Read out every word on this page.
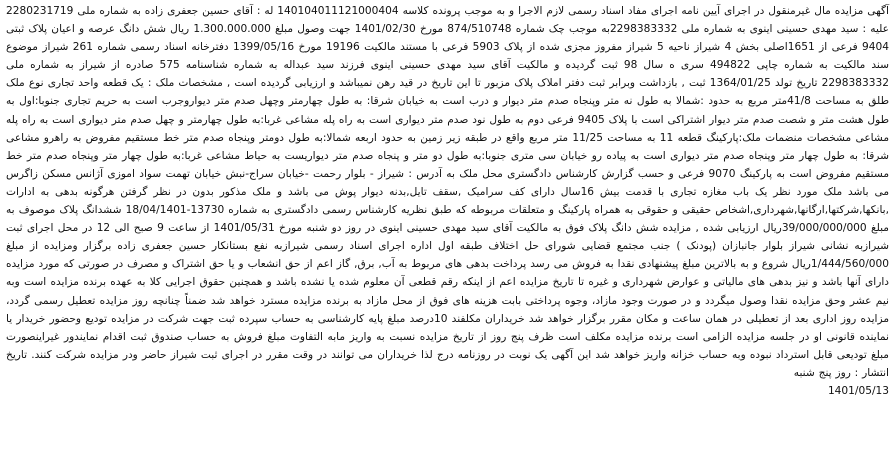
آگهی مزایده مال غیرمنقول در اجرای آیین نامه اجرای مفاد اسناد رسمی لازم الاجرا و به موجب پرونده کلاسه 140104011121000404 له : آقای حسین جعفری زاده به شماره ملی 2280231719 علیه : سید مهدی حسینی اینوی به شماره ملی 2298383332به موجب چک شماره 874/510748 مورخ 1401/02/30 جهت وصول مبلغ 1.300.000.000 ریال شش دانگ عرصه و اعیان پلاک ثبتی 9404 فرعی از 1651اصلی بخش 4 شیراز ناحیه 5 شیراز مفروز مجزی شده از پلاک 5903 فرعی با مستند مالکیت 19196 مورخ 1399/05/16 دفترخانه اسناد رسمی شماره 261 شیراز موضوع سند مالکیت به شماره چاپی 494822 سری ه سال 98 ثبت گردیده و مالکیت آقای سید مهدی حسینی اینوی فرزند سید عبداله به شماره شناسنامه 575 صادره از شیراز به شماره ملی 2298383332 تاریخ تولد 1364/01/25 ثبت , بازداشت وبرابر ثبت دفتر املاک پلاک مزبور تا این تاریخ در قید رهن نمیباشد و ارزیابی گردیده است , مشخصات ملک : یک قطعه واحد تجاری نوع ملک طلق به مساحت 41/8متر مربع به حدود :شمالا به طول نه متر وپنجاه صدم متر دیوار و درب است به خیابان شرقا: به طول چهارمتر وچهل صدم متر دیواروجرب است به حریم تجاری جنوبا:اول به طول هشت متر و شصت صدم متر دیوار اشتراکی است با پلاک 9405 فرعی دوم به طول نود صدم متر دیواری است به راه پله مشاعی غربا:به طول چهارمتر و چهل صدم متر دیواری است به راه پله مشاعی مشخصات منضمات ملک:پارکینگ قطعه 11 به مساحت 11/25 متر مربع واقع در طبقه زیر زمین به حدود اربعه شمالا:به طول دومتر وپنجاه صدم متر خط مستقیم مفروض به راهرو مشاعی شرقا: به طول چهار متر وپنجاه صدم متر دیواری است به پیاده رو خیابان سی متری جنوبا:به طول دو متر و پنجاه صدم متر دیواریست به حیاط مشاعی غربا:به طول چهار متر وپنجاه صدم متر خط مستقیم مفروض است به پارکینگ 9070 فرعی و حسب گزارش کارشناس دادگستری محل ملک به آدرس : شیراز - بلوار رحمت -خیابان سراج-نبش خیابان تهمت سواد اموزی آژانس مسکن زاگرس می باشد ملک مورد نظر یک باب مغازه تجاری با قدمت بیش 16سال دارای کف سرامیک ,سقف تایل,بدنه دیوار پوش می باشد و ملک مذکور بدون در نظر گرفتن هرگونه بدهی به ادارات ,بانکها,شرکتها,ارگانها,شهرداری,اشخاص حقیقی و حقوقی به همراه پارکینگ و متعلقات مربوطه که طبق نظریه کارشناس رسمی دادگستری به شماره 13730-18/04/1401 ششدانگ پلاک موصوف به مبلغ 39/000/000/000ریال ارزیابی شده , مزایده شش دانگ پلاک فوق به مالکیت آقای سید مهدی حسینی اینوی در روز دو شنبه مورخ 1401/05/31 از ساعت 9 صبح الی 12 در محل اجرای ثبت شیرازبه نشانی شیراز بلوار جانبازان (پودنک ) جنب مجتمع قضایی شورای حل اختلاف طبقه اول اداره اجرای اسناد رسمی شیرازبه نفع بستانکار حسین جعفری زاده برگزار ومزایده از مبلغ 1/444/560/000ریال شروع و به بالاترین مبلغ پیشنهادی نقدا به فروش می رسد پرداخت بدهی های مربوط به آب, برق, گاز اعم از حق انشعاب و یا حق اشتراک و مصرف در صورتی که مورد مزایده دارای آنها باشد و نیز بدهی های مالیاتی و عوارض شهرداری و غیره تا تاریخ مزایده اعم از اینکه رقم قطعی آن معلوم شده یا نشده باشد و همچنین حقوق اجرایی کلا به عهده برنده مزایده است وبه نیم عشر وحق مزایده نقدا وصول میگردد و در صورت وجود مازاد، وجوه پرداختی بابت هزینه های فوق از محل مازاد به برنده مزایده مسترد خواهد شد ضمناً چنانچه روز مزایده تعطیل رسمی گردد، مزایده روز اداری بعد از تعطیلی در همان ساعت و مکان مقرر برگزار خواهد شد خریداران مکلفند 10درصد مبلغ پایه کارشناسی به حساب سپرده ثبت جهت شرکت در مزایده تودیع وحضور خریدار یا نماینده قانونی او در جلسه مزایده الزامی است برنده مزایده مکلف است ظرف پنج روز از تاریخ مزایده نسبت به واریز مابه التفاوت مبلغ فروش به حساب صندوق ثبت اقدام نمایندور غیراینصورت مبلغ تودیعی قابل استرداد نبوده وبه حساب خزانه واریز خواهد شد این آگهی یک نوبت در روزنامه درج لذا خریداران می توانند در وقت مقرر در اجرای ثبت شیراز حاضر ودر مزایده شرکت کنند. تاریخ انتشار : روز پنج شنبه

1401/05/13
